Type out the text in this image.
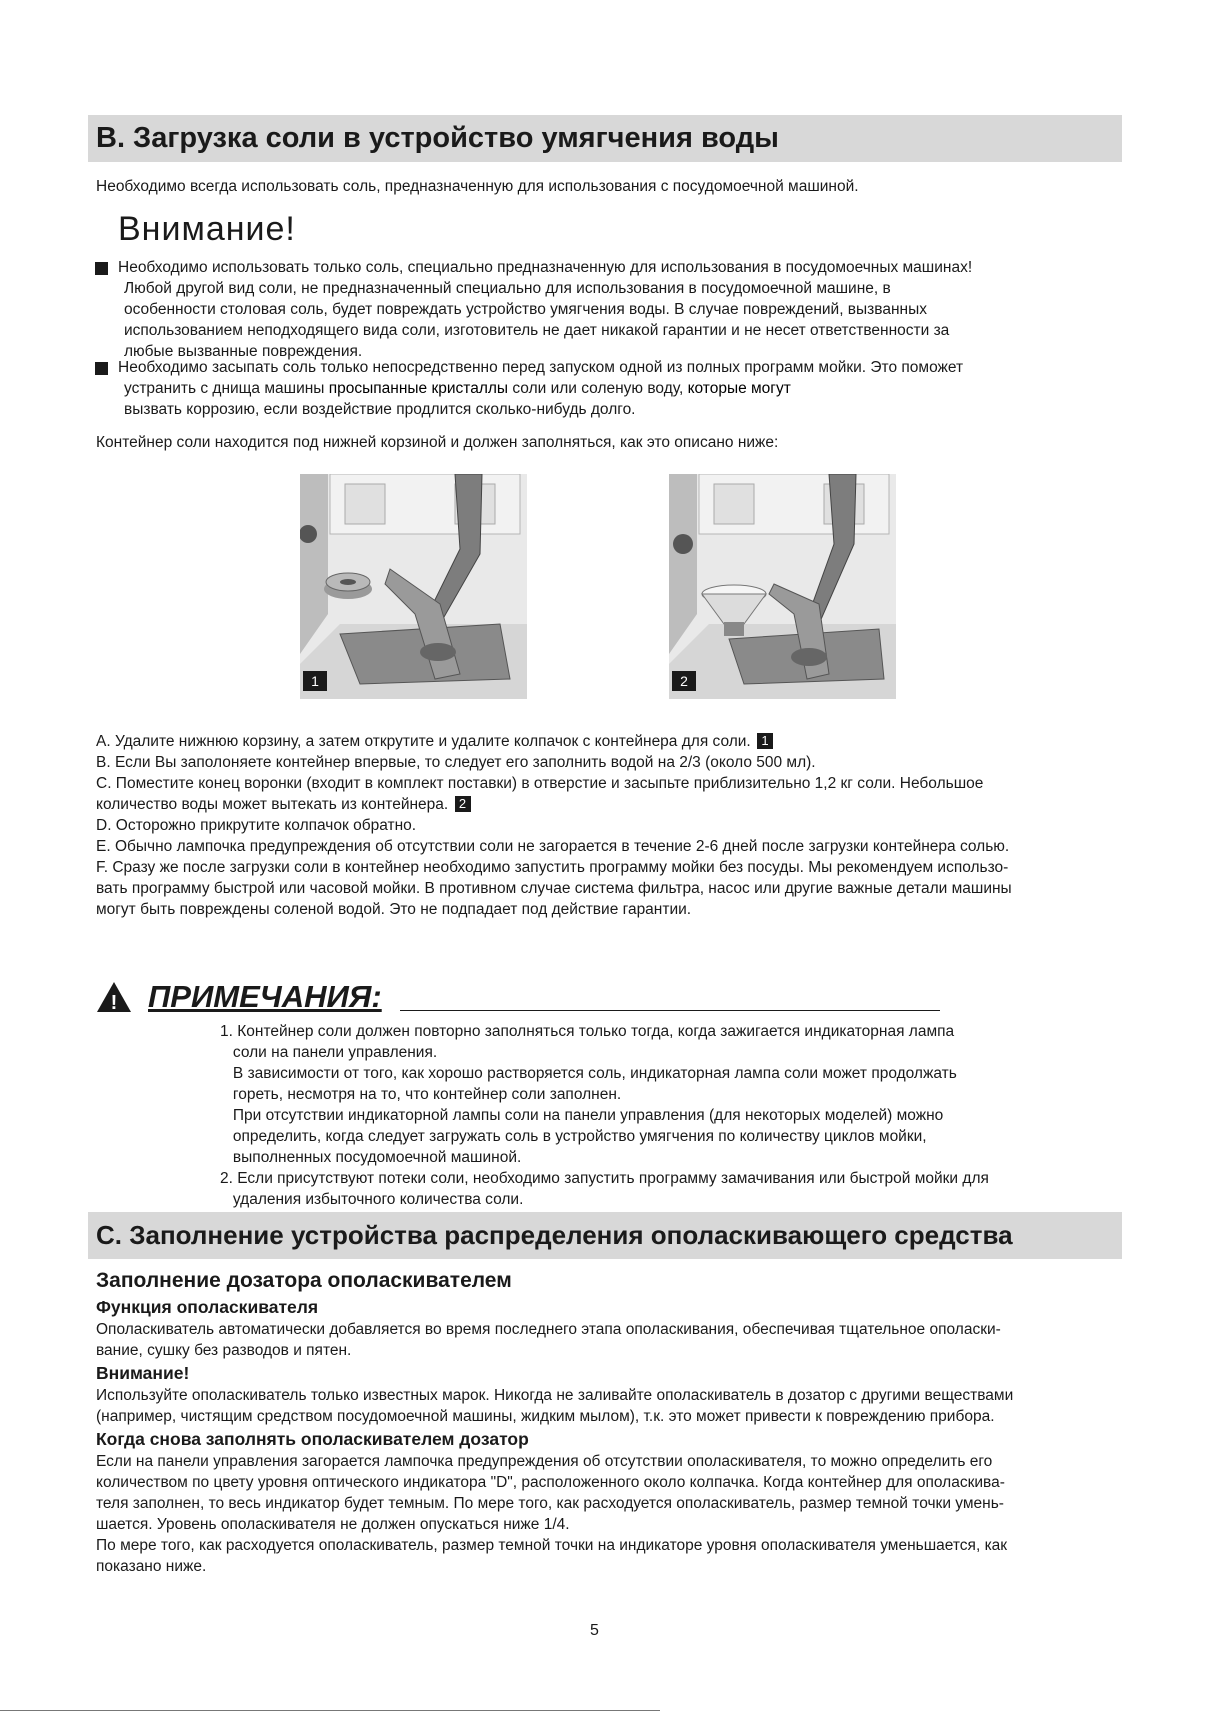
B. Загрузка соли в устройство умягчения воды
Необходимо всегда использовать соль, предназначенную для использования с посудомоечной машиной.
Внимание!
Необходимо использовать только соль, специально предназначенную для использования в посудомоечных машинах!
Любой другой вид соли, не предназначенный специально для использования в посудомоечной машине, в
особенности столовая соль, будет повреждать устройство умягчения воды. В случае повреждений, вызванных
использованием неподходящего вида соли, изготовитель не дает никакой гарантии и не несет ответственности за
любые вызванные повреждения.
Необходимо засыпать соль только непосредственно перед запуском одной из полных программ мойки. Это поможет
устранить с днища машины просыпанные кристаллы соли или соленую воду, которые могут
вызвать коррозию, если воздействие продлится сколько-нибудь долго.
Контейнер соли находится под нижней корзиной и должен заполняться, как это описано ниже:
1	2
A. Удалите нижнюю корзину, а затем открутите и удалите колпачок с контейнера для соли. 1
B. Если Вы заполоняете контейнер впервые, то следует его заполнить водой на 2/3 (около 500 мл).
C. Поместите конец воронки (входит в комплект поставки) в отверстие и засыпьте приблизительно 1,2 кг соли. Небольшое
количество воды может вытекать из контейнера. 2
D. Осторожно прикрутите колпачок обратно.
E. Обычно лампочка предупреждения об отсутствии соли не загорается в течение 2-6 дней после загрузки контейнера солью.
F. Сразу же после загрузки соли в контейнер необходимо запустить программу мойки без посуды. Мы рекомендуем использо-
вать программу быстрой или часовой мойки. В противном случае система фильтра, насос или другие важные детали машины
могут быть повреждены соленой водой. Это не подпадает под действие гарантии.
! ПРИМЕЧАНИЯ:
1. Контейнер соли должен повторно заполняться только тогда, когда зажигается индикаторная лампа
соли на панели управления.
В зависимости от того, как хорошо растворяется соль, индикаторная лампа соли может продолжать
гореть, несмотря на то, что контейнер соли заполнен.
При отсутствии индикаторной лампы соли на панели управления (для некоторых моделей) можно
определить, когда следует загружать соль в устройство умягчения по количеству циклов мойки,
выполненных посудомоечной машиной.
2. Если присутствуют потеки соли, необходимо запустить программу замачивания или быстрой мойки для
удаления избыточного количества соли.
C. Заполнение устройства распределения ополаскивающего средства
Заполнение дозатора ополаскивателем
Функция ополаскивателя
Ополаскиватель автоматически добавляется во время последнего этапа ополаскивания, обеспечивая тщательное ополаски-
вание, сушку без разводов и пятен.
Внимание!
Используйте ополаскиватель только известных марок. Никогда не заливайте ополаскиватель в дозатор с другими веществами
(например, чистящим средством посудомоечной машины, жидким мылом), т.к. это может привести к повреждению прибора.
Когда снова заполнять ополаскивателем дозатор
Если на панели управления загорается лампочка предупреждения об отсутствии ополаскивателя, то можно определить его
количеством по цвету уровня оптического индикатора "D", расположенного около колпачка. Когда контейнер для ополаскива-
теля заполнен, то весь индикатор будет темным. По мере того, как расходуется ополаскиватель, размер темной точки умень-
шается. Уровень ополаскивателя не должен опускаться ниже 1/4.
По мере того, как расходуется ополаскиватель, размер темной точки на индикаторе уровня ополаскивателя уменьшается, как
показано ниже.
5
